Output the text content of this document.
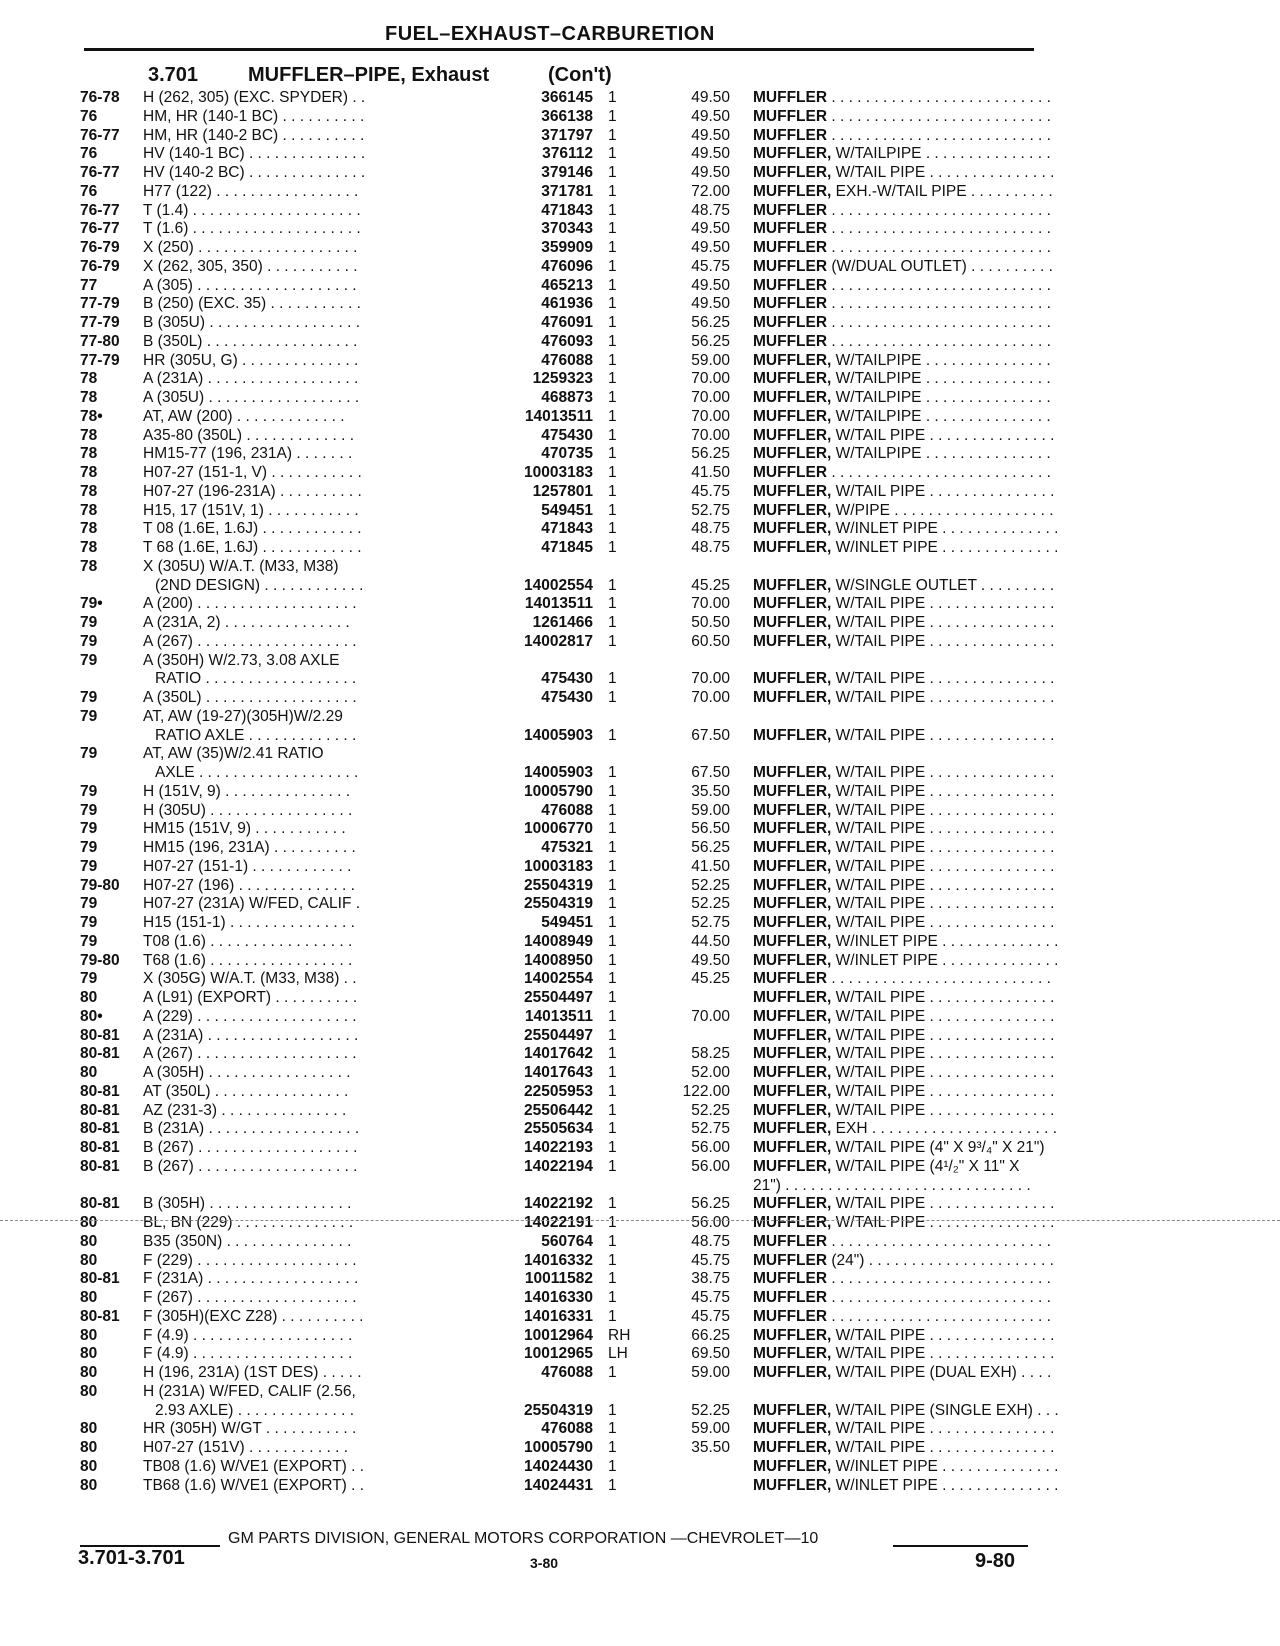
FUEL–EXHAUST–CARBURETION
3.701 MUFFLER–PIPE, Exhaust	(Con't)
76-78	H (262, 305) (EXC. SPYDER) . .	366145 1	49.50 MUFFLER . . . . . . . . . . . . . . . . . . . . . . . . . .
76	HM, HR (140-1 BC) . . . . . . . . . .	366138 1	49.50 MUFFLER . . . . . . . . . . . . . . . . . . . . . . . . . .
76-77	HM, HR (140-2 BC) . . . . . . . . . .	371797 1	49.50 MUFFLER . . . . . . . . . . . . . . . . . . . . . . . . . .
76	HV (140-1 BC) . . . . . . . . . . . . . .	376112 1	49.50 MUFFLER, W/TAILPIPE . . . . . . . . . . . . . . .
76-77	HV (140-2 BC) . . . . . . . . . . . . . .	379146 1	49.50 MUFFLER, W/TAIL PIPE . . . . . . . . . . . . . . .
76	H77 (122) . . . . . . . . . . . . . . . . .	371781 1	72.00 MUFFLER, EXH.-W/TAIL PIPE . . . . . . . . . .
76-77	T (1.4) . . . . . . . . . . . . . . . . . . . .	471843 1	48.75 MUFFLER . . . . . . . . . . . . . . . . . . . . . . . . . .
76-77	T (1.6) . . . . . . . . . . . . . . . . . . . .	370343 1	49.50 MUFFLER . . . . . . . . . . . . . . . . . . . . . . . . . .
76-79	X (250) . . . . . . . . . . . . . . . . . . .	359909 1	49.50 MUFFLER . . . . . . . . . . . . . . . . . . . . . . . . . .
76-79	X (262, 305, 350) . . . . . . . . . . .	476096 1	45.75 MUFFLER (W/DUAL OUTLET) . . . . . . . . . .
77	A (305) . . . . . . . . . . . . . . . . . . .	465213 1	49.50 MUFFLER . . . . . . . . . . . . . . . . . . . . . . . . . .
77-79	B (250) (EXC. 35) . . . . . . . . . . .	461936 1	49.50 MUFFLER . . . . . . . . . . . . . . . . . . . . . . . . . .
77-79	B (305U) . . . . . . . . . . . . . . . . . .	476091 1	56.25 MUFFLER . . . . . . . . . . . . . . . . . . . . . . . . . .
77-80	B (350L) . . . . . . . . . . . . . . . . . .	476093 1	56.25 MUFFLER . . . . . . . . . . . . . . . . . . . . . . . . . .
77-79	HR (305U, G) . . . . . . . . . . . . . .	476088 1	59.00 MUFFLER, W/TAILPIPE . . . . . . . . . . . . . . .
78	A (231A) . . . . . . . . . . . . . . . . . .	1259323 1	70.00 MUFFLER, W/TAILPIPE . . . . . . . . . . . . . . .
78	A (305U) . . . . . . . . . . . . . . . . . .	468873 1	70.00 MUFFLER, W/TAILPIPE . . . . . . . . . . . . . . .
78•	AT, AW (200) . . . . . . . . . . . . .	14013511 1	70.00 MUFFLER, W/TAILPIPE . . . . . . . . . . . . . . .
78	A35-80 (350L) . . . . . . . . . . . . .	475430 1	70.00 MUFFLER, W/TAIL PIPE . . . . . . . . . . . . . . .
78	HM15-77 (196, 231A) . . . . . . .	470735 1	56.25 MUFFLER, W/TAILPIPE . . . . . . . . . . . . . . .
78	H07-27 (151-1, V) . . . . . . . . . . .	10003183 1	41.50 MUFFLER . . . . . . . . . . . . . . . . . . . . . . . . . .
78	H07-27 (196-231A) . . . . . . . . . .	1257801 1	45.75 MUFFLER, W/TAIL PIPE . . . . . . . . . . . . . . .
78	H15, 17 (151V, 1) . . . . . . . . . . .	549451 1	52.75 MUFFLER, W/PIPE . . . . . . . . . . . . . . . . . . .
78	T 08 (1.6E, 1.6J) . . . . . . . . . . . .	471843 1	48.75 MUFFLER, W/INLET PIPE . . . . . . . . . . . . . .
78	T 68 (1.6E, 1.6J) . . . . . . . . . . . .	471845 1	48.75 MUFFLER, W/INLET PIPE . . . . . . . . . . . . . .
78	X (305U) W/A.T. (M33, M38)
(2ND DESIGN) . . . . . . . . . . . .	14002554 1	45.25 MUFFLER, W/SINGLE OUTLET . . . . . . . . .
79•	A (200) . . . . . . . . . . . . . . . . . . .	14013511 1	70.00 MUFFLER, W/TAIL PIPE . . . . . . . . . . . . . . .
79	A (231A, 2) . . . . . . . . . . . . . . .	1261466 1	50.50 MUFFLER, W/TAIL PIPE . . . . . . . . . . . . . . .
79	A (267) . . . . . . . . . . . . . . . . . . .	14002817 1	60.50 MUFFLER, W/TAIL PIPE . . . . . . . . . . . . . . .
79	A (350H) W/2.73, 3.08 AXLE
RATIO . . . . . . . . . . . . . . . . . .	475430 1	70.00 MUFFLER, W/TAIL PIPE . . . . . . . . . . . . . . .
79	A (350L) . . . . . . . . . . . . . . . . . .	475430 1	70.00 MUFFLER, W/TAIL PIPE . . . . . . . . . . . . . . .
79	AT, AW (19-27)(305H)W/2.29
RATIO AXLE . . . . . . . . . . . . .	14005903 1	67.50 MUFFLER, W/TAIL PIPE . . . . . . . . . . . . . . .
79	AT, AW (35)W/2.41 RATIO
AXLE . . . . . . . . . . . . . . . . . . .	14005903 1	67.50 MUFFLER, W/TAIL PIPE . . . . . . . . . . . . . . .
79	H (151V, 9) . . . . . . . . . . . . . . .	10005790 1	35.50 MUFFLER, W/TAIL PIPE . . . . . . . . . . . . . . .
79	H (305U) . . . . . . . . . . . . . . . . .	476088 1	59.00 MUFFLER, W/TAIL PIPE . . . . . . . . . . . . . . .
79	HM15 (151V, 9) . . . . . . . . . . .	10006770 1	56.50 MUFFLER, W/TAIL PIPE . . . . . . . . . . . . . . .
79	HM15 (196, 231A) . . . . . . . . . .	475321 1	56.25 MUFFLER, W/TAIL PIPE . . . . . . . . . . . . . . .
79	H07-27 (151-1) . . . . . . . . . . . .	10003183 1	41.50 MUFFLER, W/TAIL PIPE . . . . . . . . . . . . . . .
79-80	H07-27 (196) . . . . . . . . . . . . . .	25504319 1	52.25 MUFFLER, W/TAIL PIPE . . . . . . . . . . . . . . .
79	H07-27 (231A) W/FED, CALIF .	25504319 1	52.25 MUFFLER, W/TAIL PIPE . . . . . . . . . . . . . . .
79	H15 (151-1) . . . . . . . . . . . . . . .	549451 1	52.75 MUFFLER, W/TAIL PIPE . . . . . . . . . . . . . . .
79	T08 (1.6) . . . . . . . . . . . . . . . . .	14008949 1	44.50 MUFFLER, W/INLET PIPE . . . . . . . . . . . . . .
79-80	T68 (1.6) . . . . . . . . . . . . . . . . .	14008950 1	49.50 MUFFLER, W/INLET PIPE . . . . . . . . . . . . . .
79	X (305G) W/A.T. (M33, M38) . .	14002554 1	45.25 MUFFLER . . . . . . . . . . . . . . . . . . . . . . . . . .
80	A (L91) (EXPORT) . . . . . . . . . .	25504497 1	MUFFLER, W/TAIL PIPE . . . . . . . . . . . . . . .
80•	A (229) . . . . . . . . . . . . . . . . . . .	14013511 1	70.00 MUFFLER, W/TAIL PIPE . . . . . . . . . . . . . . .
80-81	A (231A) . . . . . . . . . . . . . . . . . .	25504497 1	MUFFLER, W/TAIL PIPE . . . . . . . . . . . . . . .
80-81	A (267) . . . . . . . . . . . . . . . . . . .	14017642 1	58.25 MUFFLER, W/TAIL PIPE . . . . . . . . . . . . . . .
80	A (305H) . . . . . . . . . . . . . . . . .	14017643 1	52.00 MUFFLER, W/TAIL PIPE . . . . . . . . . . . . . . .
80-81	AT (350L) . . . . . . . . . . . . . . . .	22505953 1	122.00 MUFFLER, W/TAIL PIPE . . . . . . . . . . . . . . .
80-81	AZ (231-3) . . . . . . . . . . . . . . .	25506442 1	52.25 MUFFLER, W/TAIL PIPE . . . . . . . . . . . . . . .
80-81	B (231A) . . . . . . . . . . . . . . . . . .	25505634 1	52.75 MUFFLER, EXH . . . . . . . . . . . . . . . . . . . . . .
80-81	B (267) . . . . . . . . . . . . . . . . . . .	14022193 1	56.00 MUFFLER, W/TAIL PIPE (4" X 9³/₄" X 21")
80-81	B (267) . . . . . . . . . . . . . . . . . . .	14022194 1	56.00 MUFFLER, W/TAIL PIPE (4¹/₂" X 11" X
21") . . . . . . . . . . . . . . . . . . . . . . . . . . . . .
80-81	B (305H) . . . . . . . . . . . . . . . . .	14022192 1	56.25 MUFFLER, W/TAIL PIPE . . . . . . . . . . . . . . .
80	BL, BN (229) . . . . . . . . . . . . . .	14022191 1	56.00 MUFFLER, W/TAIL PIPE . . . . . . . . . . . . . . .
80	B35 (350N) . . . . . . . . . . . . . . .	560764 1	48.75 MUFFLER . . . . . . . . . . . . . . . . . . . . . . . . . .
80	F (229) . . . . . . . . . . . . . . . . . . .	14016332 1	45.75 MUFFLER (24") . . . . . . . . . . . . . . . . . . . . . .
80-81	F (231A) . . . . . . . . . . . . . . . . . .	10011582 1	38.75 MUFFLER . . . . . . . . . . . . . . . . . . . . . . . . . .
80	F (267) . . . . . . . . . . . . . . . . . . .	14016330 1	45.75 MUFFLER . . . . . . . . . . . . . . . . . . . . . . . . . .
80-81	F (305H)(EXC Z28) . . . . . . . . . .	14016331 1	45.75 MUFFLER . . . . . . . . . . . . . . . . . . . . . . . . . .
80	F (4.9) . . . . . . . . . . . . . . . . . . .	10012964 RH	66.25 MUFFLER, W/TAIL PIPE . . . . . . . . . . . . . . .
80	F (4.9) . . . . . . . . . . . . . . . . . . .	10012965 LH	69.50 MUFFLER, W/TAIL PIPE . . . . . . . . . . . . . . .
80	H (196, 231A) (1ST DES) . . . . .	476088 1	59.00 MUFFLER, W/TAIL PIPE (DUAL EXH) . . . .
80	H (231A) W/FED, CALIF (2.56,
2.93 AXLE) . . . . . . . . . . . . . .	25504319 1	52.25 MUFFLER, W/TAIL PIPE (SINGLE EXH) . . .
80	HR (305H) W/GT . . . . . . . . . . .	476088 1	59.00 MUFFLER, W/TAIL PIPE . . . . . . . . . . . . . . .
80	H07-27 (151V) . . . . . . . . . . . .	10005790 1	35.50 MUFFLER, W/TAIL PIPE . . . . . . . . . . . . . . .
80	TB08 (1.6) W/VE1 (EXPORT) . .	14024430 1	MUFFLER, W/INLET PIPE . . . . . . . . . . . . . .
80	TB68 (1.6) W/VE1 (EXPORT) . .	14024431 1	MUFFLER, W/INLET PIPE . . . . . . . . . . . . . .
GM PARTS DIVISION, GENERAL MOTORS CORPORATION —CHEVROLET—10
3.701-3.701	3-80	9-80
